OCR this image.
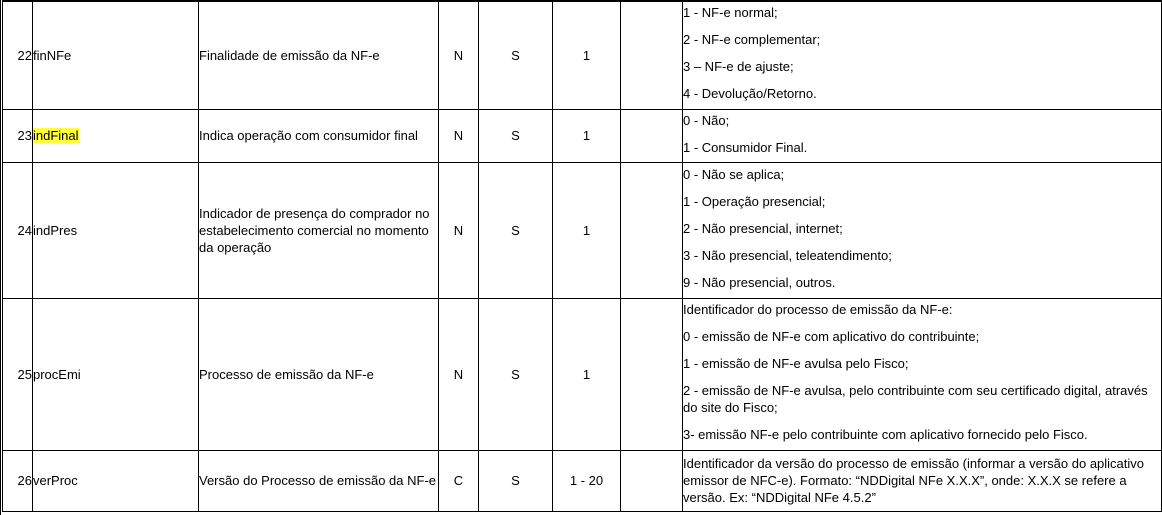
22	finNFe	Finalidade de emissão da NF-e	N	S	1		1 - NF-e normal;

2 - NF-e complementar;

3 – NF-e de ajuste;

4 - Devolução/Retorno.

23	indFinal	Indica operação com consumidor final	N	S	1		0 - Não;

1 - Consumidor Final.

24	indPres	Indicador de presença do comprador no estabelecimento comercial no momento da operação	N	S	1		0 - Não se aplica;

1 - Operação presencial;

2 - Não presencial, internet;

3 - Não presencial, teleatendimento;

9 - Não presencial, outros.

25	procEmi	Processo de emissão da NF-e	N	S	1		Identificador do processo de emissão da NF-e:

0 - emissão de NF-e com aplicativo do contribuinte;

1 - emissão de NF-e avulsa pelo Fisco;

2 - emissão de NF-e avulsa, pelo contribuinte com seu certificado digital, através do site do Fisco;

3- emissão NF-e pelo contribuinte com aplicativo fornecido pelo Fisco.

26	verProc	Versão do Processo de emissão da NF-e	C	S	1 - 20		Identificador da versão do processo de emissão (informar a versão do aplicativo emissor de NFC-e). Formato: “NDDigital NFe X.X.X”, onde: X.X.X se refere a versão. Ex: “NDDigital NFe 4.5.2”
